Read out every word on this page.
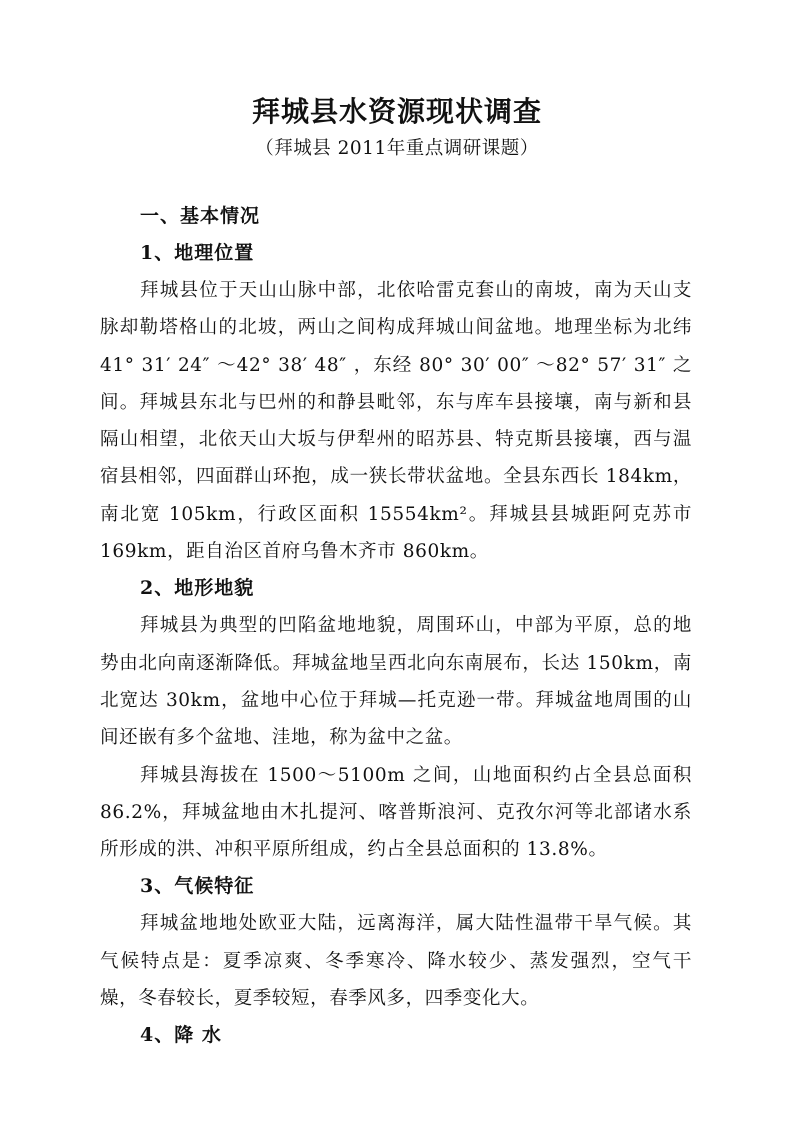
拜城县水资源现状调查
（拜城县 2011年重点调研课题）
一、基本情况
1、地理位置

拜城县位于天山山脉中部，北依哈雷克套山的南坡，南为天山支脉却勒塔格山的北坡，两山之间构成拜城山间盆地。地理坐标为北纬 41° 31′ 24″ ～42° 38′ 48″ ，东经 80° 30′ 00″ ～82° 57′ 31″ 之间。拜城县东北与巴州的和静县毗邻，东与库车县接壤，南与新和县隔山相望，北依天山大坂与伊犁州的昭苏县、特克斯县接壤，西与温宿县相邻，四面群山环抱，成一狭长带状盆地。全县东西长 184km，南北宽 105km，行政区面积 15554km²。拜城县县城距阿克苏市 169km，距自治区首府乌鲁木齐市 860km。

2、地形地貌

拜城县为典型的凹陷盆地地貌，周围环山，中部为平原，总的地势由北向南逐渐降低。拜城盆地呈西北向东南展布，长达 150km，南北宽达 30km，盆地中心位于拜城—托克逊一带。拜城盆地周围的山间还嵌有多个盆地、洼地，称为盆中之盆。

拜城县海拔在 1500～5100m 之间，山地面积约占全县总面积 86.2%，拜城盆地由木扎提河、喀普斯浪河、克孜尔河等北部诸水系所形成的洪、冲积平原所组成，约占全县总面积的 13.8%。

3、气候特征

拜城盆地地处欧亚大陆，远离海洋，属大陆性温带干旱气候。其气候特点是：夏季凉爽、冬季寒冷、降水较少、蒸发强烈，空气干燥，冬春较长，夏季较短，春季风多，四季变化大。

4、降 水
